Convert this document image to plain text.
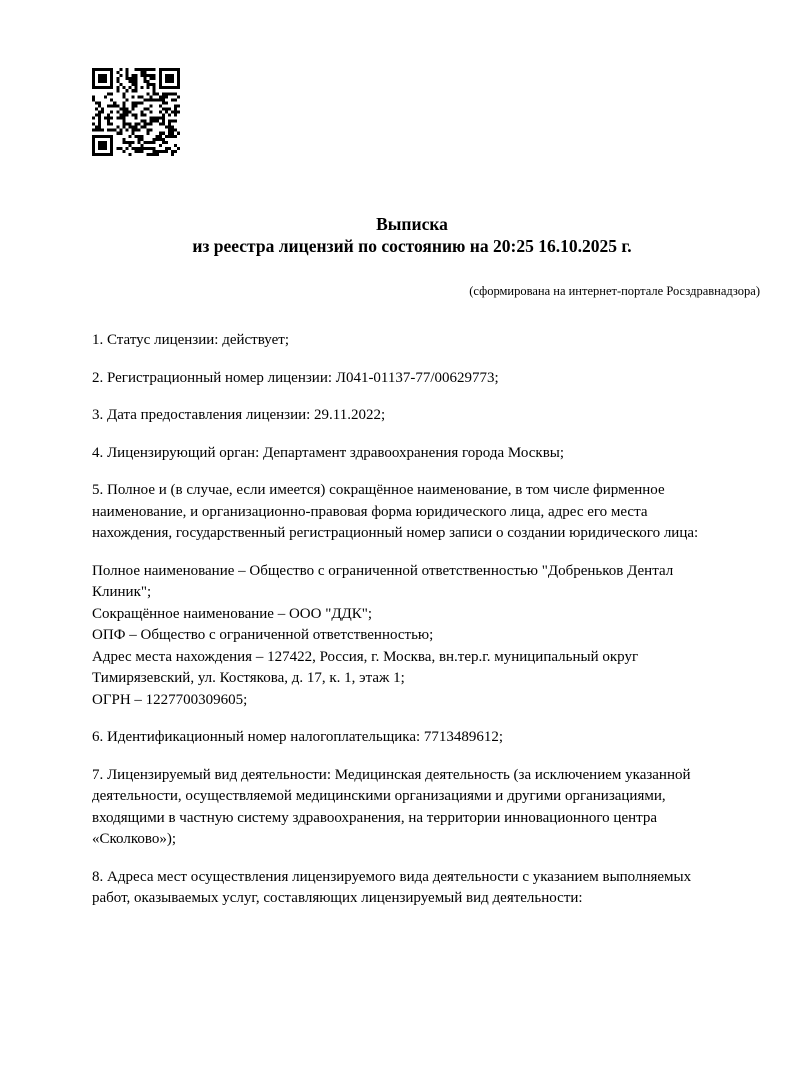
Выписка
из реестра лицензий по состоянию на 20:25 16.10.2025 г.
(сформирована на интернет-портале Росздравнадзора)
1. Статус лицензии: действует;
2. Регистрационный номер лицензии: Л041-01137-77/00629773;
3. Дата предоставления лицензии: 29.11.2022;
4. Лицензирующий орган: Департамент здравоохранения города Москвы;
5. Полное и (в случае, если имеется) сокращённое наименование, в том числе фирменное
наименование, и организационно-правовая форма юридического лица, адрес его места
нахождения, государственный регистрационный номер записи о создании юридического лица:
Полное наименование – Общество с ограниченной ответственностью "Добреньков Дентал
Клиник";
Сокращённое наименование – ООО "ДДК";
ОПФ – Общество с ограниченной ответственностью;
Адрес места нахождения – 127422, Россия, г. Москва, вн.тер.г. муниципальный округ
Тимирязевский, ул. Костякова, д. 17, к. 1, этаж 1;
ОГРН – 1227700309605;
6. Идентификационный номер налогоплательщика: 7713489612;
7. Лицензируемый вид деятельности: Медицинская деятельность (за исключением указанной
деятельности, осуществляемой медицинскими организациями и другими организациями,
входящими в частную систему здравоохранения, на территории инновационного центра
«Сколково»);
8. Адреса мест осуществления лицензируемого вида деятельности с указанием выполняемых
работ, оказываемых услуг, составляющих лицензируемый вид деятельности:
